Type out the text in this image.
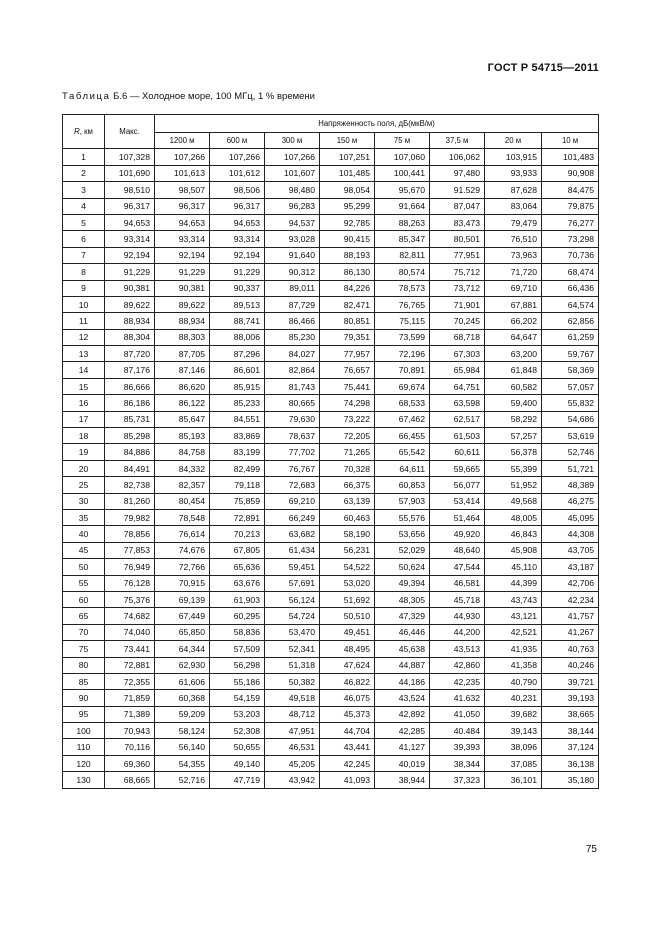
ГОСТ Р 54715—2011
Таблица Б.6 — Холодное море, 100 МГц, 1 % времени
R, км	Макс.	Напряженность поля, дБ(мкВ/м)							
		1200 м	600 м	300 м	150 м	75 м	37,5 м	20 м	10 м
1	107,328	107,266	107,266	107,266	107,251	107,060	106,062	103,915	101,483
2	101,690	101,613	101,612	101,607	101,485	100,441	97,480	93,933	90,908
3	98,510	98,507	98,506	98,480	98,054	95,670	91.529	87,628	84,475
4	96,317	96,317	96,317	96,283	95,299	91,664	87,047	83,064	79,875
5	94,653	94,653	94,653	94,537	92,785	88,263	83,473	79,479	76,277
6	93,314	93,314	93,314	93,028	90,415	85,347	80,501	76,510	73,298
7	92,194	92,194	92,194	91,640	88,193	82,811	77,951	73,963	70,736
8	91,229	91,229	91,229	90,312	86,130	80,574	75,712	71,720	68,474
9	90,381	90,381	90,337	89,011	84,226	78,573	73,712	69,710	66,436
10	89,622	89,622	89,513	87,729	82,471	76,765	71,901	67,881	64,574
11	88,934	88,934	88,741	86,466	80,851	75,115	70,245	66,202	62,856
12	88,304	88,303	88,006	85,230	79,351	73,599	68,718	64,647	61,259
13	87,720	87,705	87,296	84,027	77,957	72,196	67,303	63,200	59,767
14	87,176	87,146	86,601	82,864	76,657	70,891	65,984	61,848	58,369
15	86,666	86,620	85,915	81,743	75,441	69,674	64,751	60,582	57,057
16	86,186	86,122	85,233	80,665	74,298	68,533	63,598	59,400	55,832
17	85,731	85,647	84,551	79,630	73,222	67,462	62,517	58,292	54,686
18	85,298	85,193	83,869	78,637	72,205	66,455	61,503	57,257	53,619
19	84,886	84,758	83,199	77,702	71,265	65,542	60,611	56,378	52,746
20	84,491	84,332	82,499	76,767	70,328	64,611	59,665	55,399	51,721
25	82,738	82,357	79,118	72,683	66,375	60,853	56,077	51,952	48,389
30	81,260	80,454	75,859	69,210	63,139	57,903	53,414	49,568	46,275
35	79,982	78,548	72,891	66,249	60,463	55,576	51,464	48,005	45,095
40	78,856	76,614	70,213	63,682	58,190	53,656	49,920	46,843	44,308
45	77,853	74,676	67,805	61,434	56,231	52,029	48,640	45,908	43,705
50	76,949	72,766	65,636	59,451	54,522	50,624	47,544	45,110	43,187
55	76,128	70,915	63,676	57,691	53,020	49,394	46,581	44,399	42,706
60	75,376	69,139	61,903	56,124	51,692	48,305	45,718	43,743	42,234
65	74,682	67,449	60,295	54,724	50,510	47,329	44,930	43,121	41,757
70	74,040	65,850	58,836	53,470	49,451	46,446	44,200	42,521	41,267
75	73,441	64,344	57,509	52,341	48,495	45,638	43,513	41,935	40,763
80	72,881	62,930	56,298	51,318	47,624	44,887	42,860	41,358	40,246
85	72,355	61,606	55,186	50,382	46,822	44,186	42,235	40,790	39,721
90	71,859	60,368	54,159	49,518	46,075	43,524	41.632	40,231	39,193
95	71,389	59,209	53,203	48,712	45,373	42,892	41,050	39,682	38,665
100	70,943	58,124	52,308	47,951	44,704	42,285	40.484	39,143	38,144
110	70,116	56,140	50,655	46,531	43,441	41,127	39,393	38,096	37,124
120	69,360	54,355	49,140	45,205	42,245	40,019	38,344	37,085	36,138
130	68,665	52,716	47,719	43,942	41,093	38,944	37,323	36,101	35,180
75
